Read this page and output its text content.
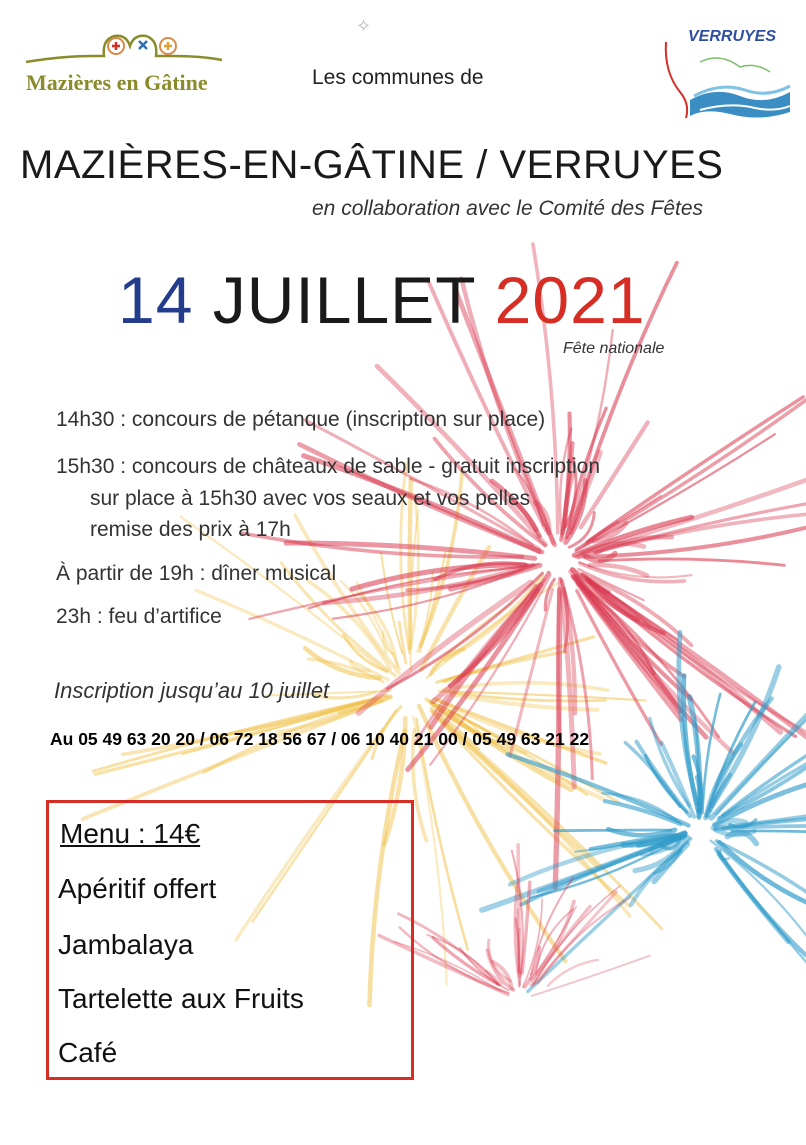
✧
Mazières en Gâtine
VERRUYES
Les communes de
MAZIÈRES-EN-GÂTINE / VERRUYES
en collaboration avec le Comité des Fêtes
14 JUILLET 2021
Fête nationale
14h30 : concours de pétanque (inscription sur place)
15h30 : concours de châteaux de sable - gratuit inscription
sur place à 15h30 avec vos seaux et vos pelles
remise des prix à 17h
À partir de 19h : dîner musical
23h : feu d’artifice
Inscription jusqu’au 10 juillet
Au 05 49 63 20 20 / 06 72 18 56 67 / 06 10 40 21 00 / 05 49 63 21 22
Menu : 14€
Apéritif offert
Jambalaya
Tartelette aux Fruits
Café
